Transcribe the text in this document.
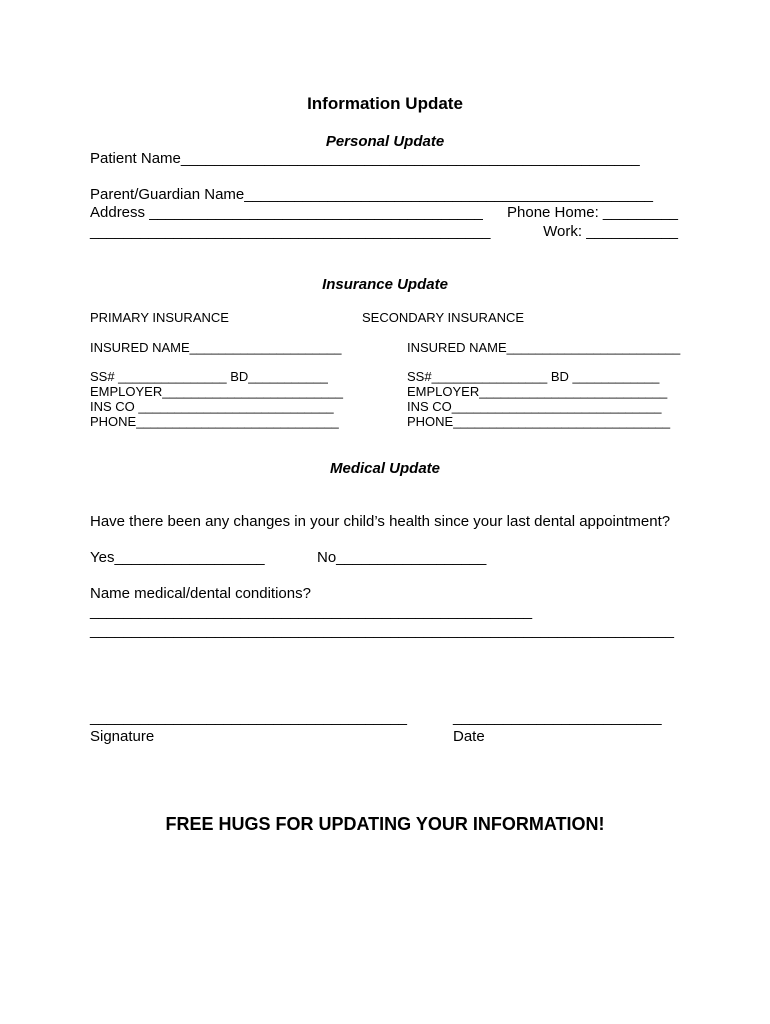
Information Update
Personal Update
Patient Name_______________________________________________________
Parent/Guardian Name_________________________________________________
Address ________________________________________ Phone Home: _________
________________________________________________	Work: ___________
Insurance Update
PRIMARY INSURANCE
INSURED NAME_____________________
SS# _______________ BD___________
EMPLOYER_________________________
INS CO ___________________________
PHONE____________________________
SECONDARY INSURANCE
INSURED NAME________________________
SS#________________ BD ____________
EMPLOYER__________________________
INS CO_____________________________
PHONE______________________________
Medical Update
Have there been any changes in your child’s health since your last dental appointment?
Yes__________________	No__________________
Name medical/dental conditions?
_____________________________________________________
______________________________________________________________________
______________________________________
Signature
_________________________
Date
FREE HUGS FOR UPDATING YOUR INFORMATION!
